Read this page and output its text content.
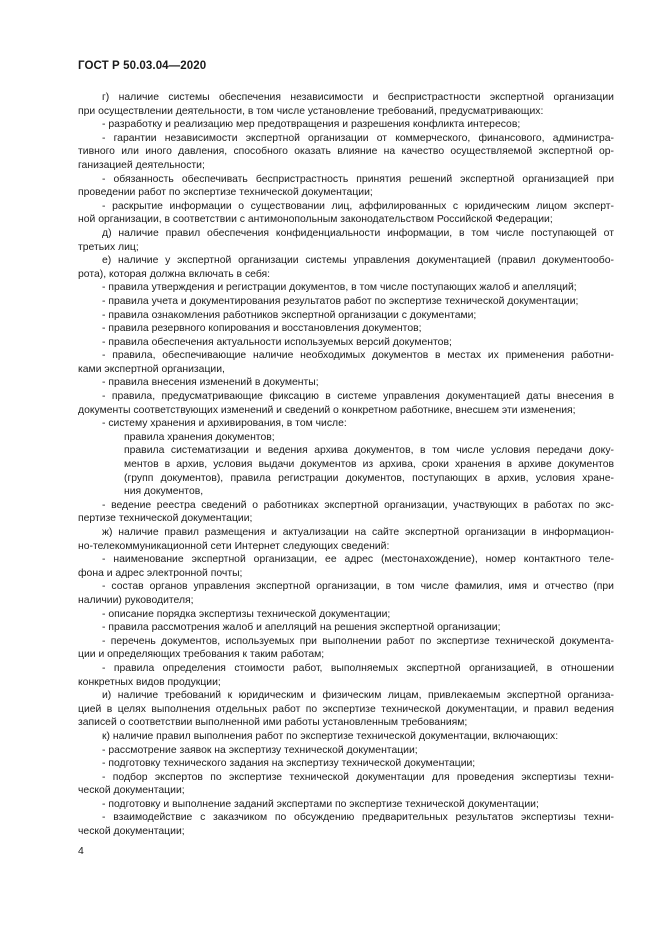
ГОСТ Р 50.03.04—2020
г) наличие системы обеспечения независимости и беспристрастности экспертной организации
при осуществлении деятельности, в том числе установление требований, предусматривающих:
- разработку и реализацию мер предотвращения и разрешения конфликта интересов;
- гарантии независимости экспертной организации от коммерческого, финансового, администра-
тивного или иного давления, способного оказать влияние на качество осуществляемой экспертной ор-
ганизацией деятельности;
- обязанность обеспечивать беспристрастность принятия решений экспертной организацией при
проведении работ по экспертизе технической документации;
- раскрытие информации о существовании лиц, аффилированных с юридическим лицом эксперт-
ной организации, в соответствии с антимонопольным законодательством Российской Федерации;
д) наличие правил обеспечения конфиденциальности информации, в том числе поступающей от
третьих лиц;
е) наличие у экспертной организации системы управления документацией (правил документообо-
рота), которая должна включать в себя:
- правила утверждения и регистрации документов, в том числе поступающих жалоб и апелляций;
- правила учета и документирования результатов работ по экспертизе технической документации;
- правила ознакомления работников экспертной организации с документами;
- правила резервного копирования и восстановления документов;
- правила обеспечения актуальности используемых версий документов;
- правила, обеспечивающие наличие необходимых документов в местах их применения работни-
ками экспертной организации,
- правила внесения изменений в документы;
- правила, предусматривающие фиксацию в системе управления документацией даты внесения в
документы соответствующих изменений и сведений о конкретном работнике, внесшем эти изменения;
- систему хранения и архивирования, в том числе:
правила хранения документов;
правила систематизации и ведения архива документов, в том числе условия передачи доку-
ментов в архив, условия выдачи документов из архива, сроки хранения в архиве документов
(групп документов), правила регистрации документов, поступающих в архив, условия хране-
ния документов,
- ведение реестра сведений о работниках экспертной организации, участвующих в работах по экс-
пертизе технической документации;
ж) наличие правил размещения и актуализации на сайте экспертной организации в информацион-
но-телекоммуникационной сети Интернет следующих сведений:
- наименование экспертной организации, ее адрес (местонахождение), номер контактного теле-
фона и адрес электронной почты;
- состав органов управления экспертной организации, в том числе фамилия, имя и отчество (при
наличии) руководителя;
- описание порядка экспертизы технической документации;
- правила рассмотрения жалоб и апелляций на решения экспертной организации;
- перечень документов, используемых при выполнении работ по экспертизе технической документа-
ции и определяющих требования к таким работам;
- правила определения стоимости работ, выполняемых экспертной организацией, в отношении
конкретных видов продукции;
и) наличие требований к юридическим и физическим лицам, привлекаемым экспертной организа-
цией в целях выполнения отдельных работ по экспертизе технической документации, и правил ведения
записей о соответствии выполненной ими работы установленным требованиям;
к) наличие правил выполнения работ по экспертизе технической документации, включающих:
- рассмотрение заявок на экспертизу технической документации;
- подготовку технического задания на экспертизу технической документации;
- подбор экспертов по экспертизе технической документации для проведения экспертизы техни-
ческой документации;
- подготовку и выполнение заданий экспертами по экспертизе технической документации;
- взаимодействие с заказчиком по обсуждению предварительных результатов экспертизы техни-
ческой документации;
4
